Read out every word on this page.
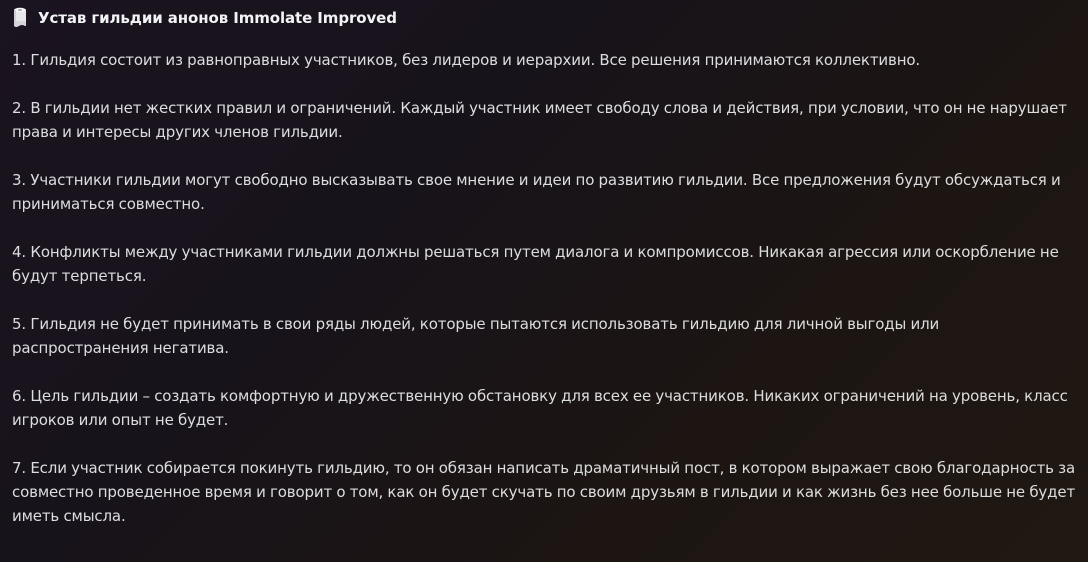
Устав гильдии анонов Immolate Improved

1. Гильдия состоит из равноправных участников, без лидеров и иерархии. Все решения принимаются коллективно.

2. В гильдии нет жестких правил и ограничений. Каждый участник имеет свободу слова и действия, при условии, что он не нарушает права и интересы других членов гильдии.

3. Участники гильдии могут свободно высказывать свое мнение и идеи по развитию гильдии. Все предложения будут обсуждаться и приниматься совместно.

4. Конфликты между участниками гильдии должны решаться путем диалога и компромиссов. Никакая агрессия или оскорбление не будут терпеться.

5. Гильдия не будет принимать в свои ряды людей, которые пытаются использовать гильдию для личной выгоды или распространения негатива.

6. Цель гильдии – создать комфортную и дружественную обстановку для всех ее участников. Никаких ограничений на уровень, класс игроков или опыт не будет.

7. Если участник собирается покинуть гильдию, то он обязан написать драматичный пост, в котором выражает свою благодарность за совместно проведенное время и говорит о том, как он будет скучать по своим друзьям в гильдии и как жизнь без нее больше не будет иметь смысла.
